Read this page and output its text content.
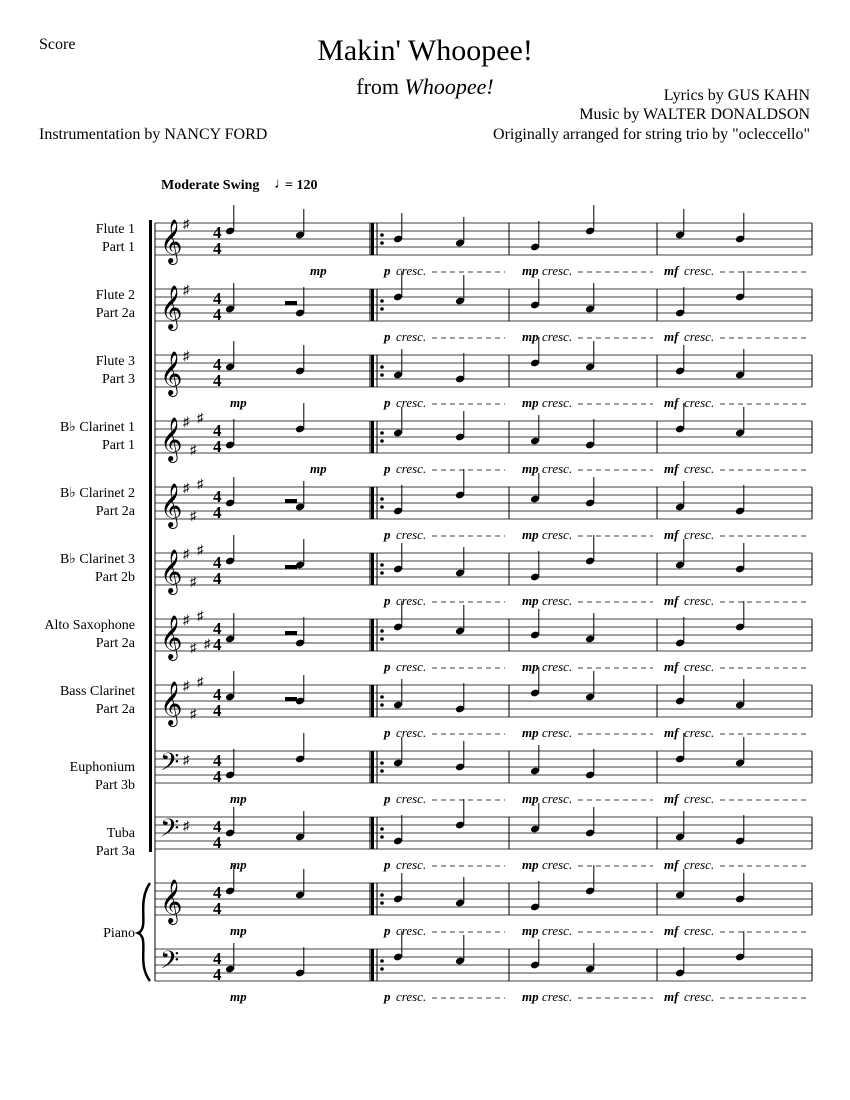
Score	Makin' Whoopee!
from Whoopee!	Lyrics by GUS KAHN
Music by WALTER DONALDSON
Originally arranged for string trio by "ocleccello"
Instrumentation by NANCY FORD
Moderate Swing ♩
= 120
Flute 1
Part 1
Flute 2
Part 2a
Flute 3
Part 3
B♭ Clarinet 1
Part 1
B♭ Clarinet 2
Part 2a
B♭ Clarinet 3
Part 2b
Alto Saxophone
Part 2a
Bass Clarinet
Part 2a
Euphonium
Part 3b
Tuba
Part 3a
Piano
𝄞 ♯ 4
4
mp	p cresc.	mp cresc.	mf cresc.
𝄞 ♯ 4
4
p cresc.	mp cresc.	mf cresc.
𝄞 ♯ 4
4
mp	p cresc.	mp cresc.	mf cresc.
𝄞 ♯
♯
♯
4
4
mp	p cresc.	mp cresc.	mf cresc.
𝄞 ♯
♯
♯
4
4
p cresc.	mp cresc.	mf cresc.
𝄞 ♯
♯
♯
4
4
p cresc.	mp cresc.	mf cresc.
𝄞 ♯
♯
♯
♯
4
4
p cresc.	mp cresc.	mf cresc.
𝄞 ♯
♯
♯
4
4
p cresc.	mp cresc.	mf cresc.
𝄢 ♯ 4
4
mp	p cresc.	mp cresc.	mf cresc.
𝄢 ♯ 4
4
mp	p cresc.	mp cresc.	mf cresc.
𝄞 4
4
mp	p cresc.	mp cresc.	mf cresc.
𝄢 4
4
mp	p cresc.	mp cresc.	mf cresc.
